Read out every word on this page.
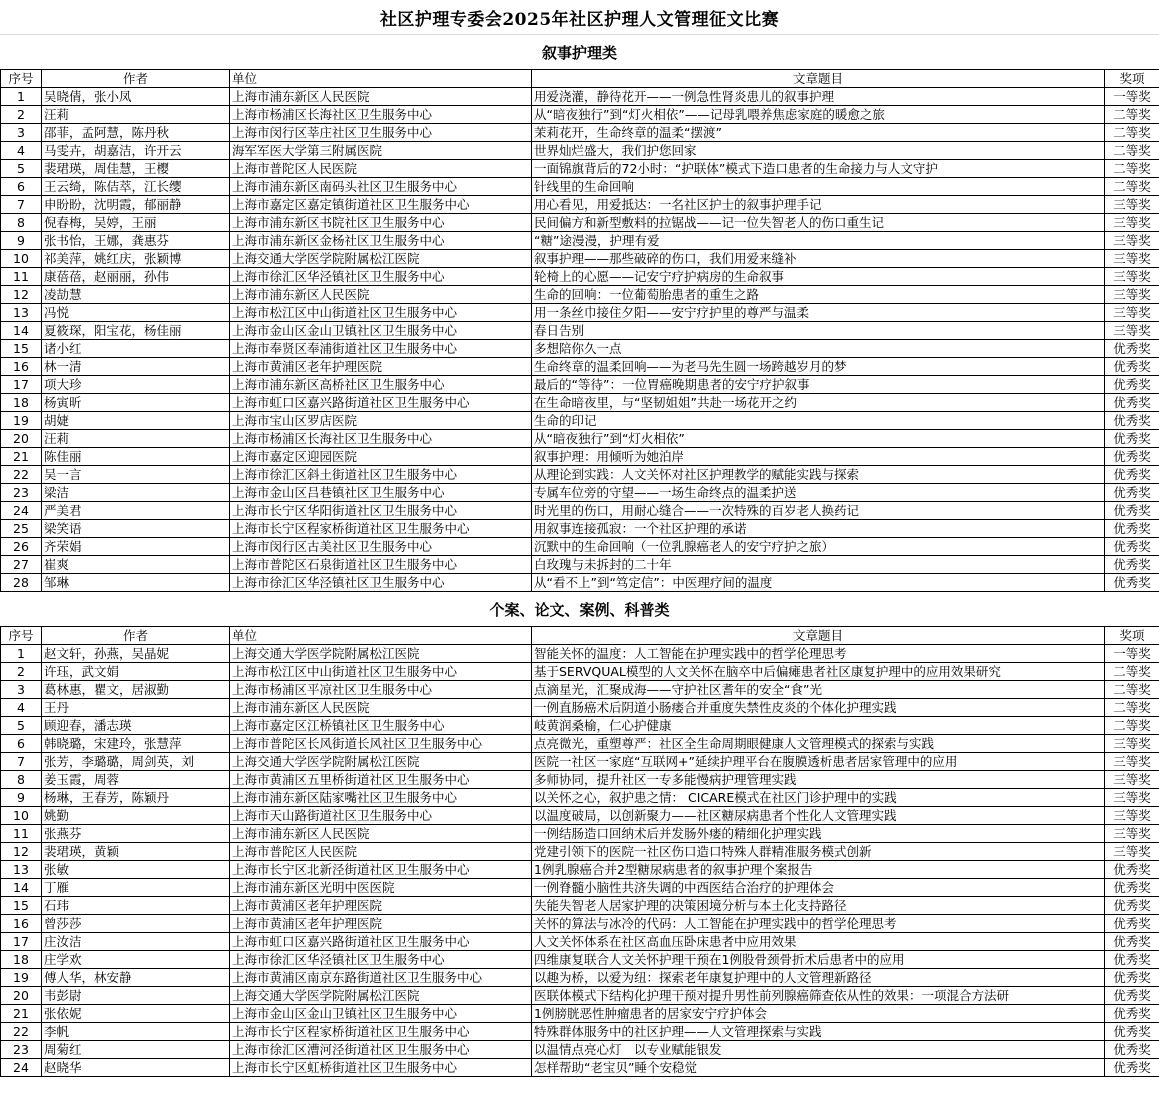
社区护理专委会2025年社区护理人文管理征文比赛
叙事护理类
序号	作者	单位	文章题目	奖项
1	吴晓倩，张小凤	上海市浦东新区人民医院	用爱浇灌，静待花开——一例急性肾炎患儿的叙事护理	一等奖
2	汪莉	上海市杨浦区长海社区卫生服务中心	从“暗夜独行”到“灯火相依”——记母乳喂养焦虑家庭的暖愈之旅	二等奖
3	邵菲，孟阿慧，陈丹秋	上海市闵行区莘庄社区卫生服务中心	茉莉花开，生命终章的温柔“摆渡”	二等奖
4	马雯卉，胡嘉洁，许开云	海军军医大学第三附属医院	世界灿烂盛大，我们护您回家	二等奖
5	裴珺瑛，周佳慧，王樱	上海市普陀区人民医院	一面锦旗背后的72小时：“护联体”模式下造口患者的生命接力与人文守护	二等奖
6	王云绮，陈佶萃，江长缨	上海市浦东新区南码头社区卫生服务中心	针线里的生命回响	二等奖
7	申盼盼，沈明霞，郁丽静	上海市嘉定区嘉定镇街道社区卫生服务中心	用心看见，用爱抵达：一名社区护士的叙事护理手记	三等奖
8	倪春梅，吴婷，王丽	上海市浦东新区书院社区卫生服务中心	民间偏方和新型敷料的拉锯战——记一位失智老人的伤口重生记	三等奖
9	张书怡，王娜，龚惠芬	上海市浦东新区金杨社区卫生服务中心	“糖”途漫漫，护理有爱	三等奖
10	祁美萍，姚红庆，张颖博	上海交通大学医学院附属松江医院	叙事护理——那些破碎的伤口，我们用爱来缝补	三等奖
11	康蓓蓓，赵丽丽，孙伟	上海市徐汇区华泾镇社区卫生服务中心	轮椅上的心愿——记安宁疗护病房的生命叙事	三等奖
12	凌劼慧	上海市浦东新区人民医院	生命的回响：一位葡萄胎患者的重生之路	三等奖
13	冯悦	上海市松江区中山街道社区卫生服务中心	用一条丝巾接住夕阳——安宁疗护里的尊严与温柔	三等奖
14	夏筱琛，阳宝花，杨佳丽	上海市金山区金山卫镇社区卫生服务中心	春日告别	三等奖
15	诸小红	上海市奉贤区奉浦街道社区卫生服务中心	多想陪你久一点	优秀奖
16	林一清	上海市黄浦区老年护理医院	生命终章的温柔回响——为老马先生圆一场跨越岁月的梦	优秀奖
17	项大珍	上海市浦东新区高桥社区卫生服务中心	最后的“等待”：一位胃癌晚期患者的安宁疗护叙事	优秀奖
18	杨寅昕	上海市虹口区嘉兴路街道社区卫生服务中心	在生命暗夜里，与“坚韧姐姐”共赴一场花开之约	优秀奖
19	胡婕	上海市宝山区罗店医院	生命的印记	优秀奖
20	汪莉	上海市杨浦区长海社区卫生服务中心	从“暗夜独行”到“灯火相依”	优秀奖
21	陈佳丽	上海市嘉定区迎园医院	叙事护理：用倾听为她泊岸	优秀奖
22	吴一言	上海市徐汇区斜土街道社区卫生服务中心	从理论到实践：人文关怀对社区护理教学的赋能实践与探索	优秀奖
23	梁洁	上海市金山区吕巷镇社区卫生服务中心	专属车位旁的守望——一场生命终点的温柔护送	优秀奖
24	严美君	上海市长宁区华阳街道社区卫生服务中心	时光里的伤口，用耐心缝合——一次特殊的百岁老人换药记	优秀奖
25	梁笑语	上海市长宁区程家桥街道社区卫生服务中心	用叙事连接孤寂：一个社区护理的承诺	优秀奖
26	齐荣娟	上海市闵行区古美社区卫生服务中心	沉默中的生命回响（一位乳腺癌老人的安宁疗护之旅）	优秀奖
27	崔爽	上海市普陀区石泉街道社区卫生服务中心	白玫瑰与未拆封的二十年	优秀奖
28	邹琳	上海市徐汇区华泾镇社区卫生服务中心	从“看不上”到“笃定信”：中医理疗间的温度	优秀奖
个案、论文、案例、科普类
序号	作者	单位	文章题目	奖项
1	赵文轩，孙燕，吴晶妮	上海交通大学医学院附属松江医院	智能关怀的温度：人工智能在护理实践中的哲学伦理思考	一等奖
2	许珏，武文娟	上海市松江区中山街道社区卫生服务中心	基于SERVQUAL模型的人文关怀在脑卒中后偏瘫患者社区康复护理中的应用效果研究	二等奖
3	葛林惠，瞿文，居淑勤	上海市杨浦区平凉社区卫生服务中心	点滴星光，汇聚成海——守护社区耆年的安全“食”光	二等奖
4	王丹	上海市浦东新区人民医院	一例直肠癌术后阴道小肠瘘合并重度失禁性皮炎的个体化护理实践	二等奖
5	顾迎春，潘志瑛	上海市嘉定区江桥镇社区卫生服务中心	岐黄润桑榆，仁心护健康	二等奖
6	韩晓璐，宋建玲，张慧萍	上海市普陀区长风街道长风社区卫生服务中心	点亮微光，重塑尊严：社区全生命周期眼健康人文管理模式的探索与实践	三等奖
7	张芳，李璐璐，周剑英，刘	上海交通大学医学院附属松江医院	医院一社区一家庭“互联网+”延续护理平台在腹膜透析患者居家管理中的应用	三等奖
8	姜玉霞，周蓉	上海市黄浦区五里桥街道社区卫生服务中心	多师协同，提升社区一专多能慢病护理管理实践	三等奖
9	杨琳，王春芳，陈颖丹	上海市浦东新区陆家嘴社区卫生服务中心	以关怀之心，叙护患之情： CICARE模式在社区门诊护理中的实践	三等奖
10	姚勤	上海市天山路街道社区卫生服务中心	以温度破局，以创新聚力——社区糖尿病患者个性化人文管理实践	三等奖
11	张燕芬	上海市浦东新区人民医院	一例结肠造口回纳术后并发肠外瘘的精细化护理实践	三等奖
12	裴珺瑛，黄颖	上海市普陀区人民医院	党建引领下的医院一社区伤口造口特殊人群精准服务模式创新	三等奖
13	张敏	上海市长宁区北新泾街道社区卫生服务中心	1例乳腺癌合并2型糖尿病患者的叙事护理个案报告	优秀奖
14	丁雁	上海市浦东新区光明中医医院	一例脊髓小脑性共济失调的中西医结合治疗的护理体会	优秀奖
15	石玮	上海市黄浦区老年护理医院	失能失智老人居家护理的决策困境分析与本土化支持路径	优秀奖
16	曾莎莎	上海市黄浦区老年护理医院	关怀的算法与冰冷的代码：人工智能在护理实践中的哲学伦理思考	优秀奖
17	庄汝洁	上海市虹口区嘉兴路街道社区卫生服务中心	人文关怀体系在社区高血压卧床患者中应用效果	优秀奖
18	庄学欢	上海市徐汇区华泾镇社区卫生服务中心	四维康复联合人文关怀护理干预在1例股骨颈骨折术后患者中的应用	优秀奖
19	傅人华，林安静	上海市黄浦区南京东路街道社区卫生服务中心	以趣为桥，以爱为纽：探索老年康复护理中的人文管理新路径	优秀奖
20	韦彭尉	上海交通大学医学院附属松江医院	医联体模式下结构化护理干预对提升男性前列腺癌筛查依从性的效果：一项混合方法研	优秀奖
21	张依妮	上海市金山区金山卫镇社区卫生服务中心	1例膀胱恶性肿瘤患者的居家安宁疗护体会	优秀奖
22	李帆	上海市长宁区程家桥街道社区卫生服务中心	特殊群体服务中的社区护理——人文管理探索与实践	优秀奖
23	周菊红	上海市徐汇区漕河泾街道社区卫生服务中心	以温情点亮心灯　以专业赋能银发	优秀奖
24	赵晓华	上海市长宁区虹桥街道社区卫生服务中心	怎样帮助“老宝贝”睡个安稳觉	优秀奖
